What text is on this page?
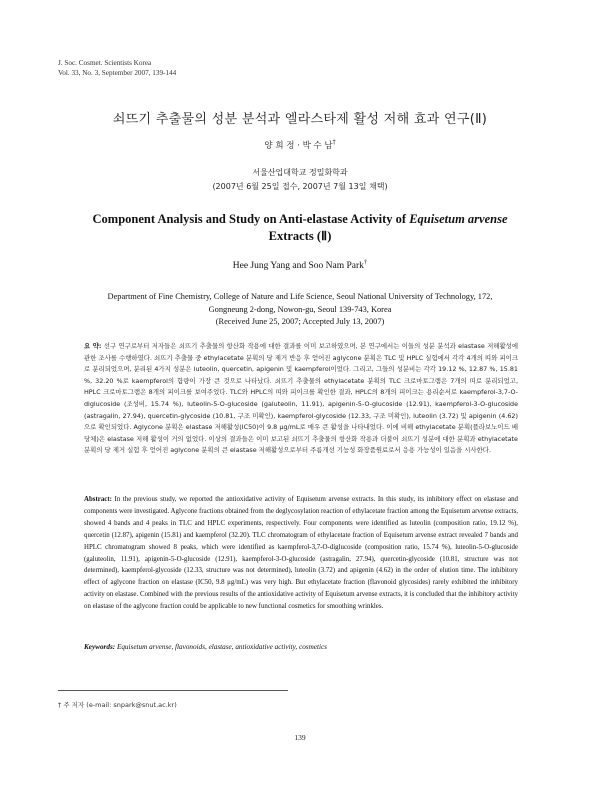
J. Soc. Cosmet. Scientists Korea
Vol. 33, No. 3, September 2007, 139-144
쇠뜨기 추출물의 성분 분석과 엘라스타제 활성 저해 효과 연구(Ⅱ)
양 희 정 · 박 수 남†
서울산업대학교 정밀화학과
(2007년 6월 25일 접수, 2007년 7월 13일 채택)
Component Analysis and Study on Anti-elastase Activity of Equisetum arvense
Extracts (Ⅱ)
Hee Jung Yang and Soo Nam Park†
Department of Fine Chemistry, College of Nature and Life Science, Seoul National University of Technology, 172,
Gongneung 2-dong, Nowon-gu, Seoul 139-743, Korea
(Received June 25, 2007; Accepted July 13, 2007)
요 약: 선구 연구로부터 저자들은 쇠뜨기 추출물의 항산화 작용에 대한 결과를 이미 보고하였으며, 본 연구에서는 이들의 성분 분석과 elastase 저해활성에 관한 조사를 수행하였다. 쇠뜨기 추출물 중 ethylacetate 분획의 당 제거 반응 후 얻어진 aglycone 분획은 TLC 및 HPLC 실험에서 각각 4개의 띠와 피이크로 분리되었으며, 분리된 4가지 성분은 luteolin, quercetin, apigenin 및 kaempferol이었다. 그리고, 그들의 성분비는 각각 19.12 %, 12.87 %, 15.81 %, 32.20 %로 kaempferol의 함량이 가장 큰 것으로 나타났다. 쇠뜨기 추출물의 ethylacetate 분획의 TLC 크로마토그램은 7개의 띠로 분리되었고, HPLC 크로마토그램은 8개의 피이크를 보여주었다. TLC와 HPLC의 띠와 피이크를 확인한 결과, HPLC의 8개의 피이크는 용리순서로 kaempferol-3,7-O-diglucoside (조성비, 15.74 %), luteolin-5-O-glucoside (galuteolin, 11.91), apigenin-5-O-glucoside (12.91), kaempferol-3-O-glucoside (astragalin, 27.94), quercetin-glycoside (10.81, 구조 미확인), kaempferol-glycoside (12.33, 구조 미확인), luteolin (3.72) 및 apigenin (4.62)으로 확인되었다. Aglycone 분획은 elastase 저해활성(IC50)이 9.8 μg/mL로 매우 큰 활성을 나타내었다. 이에 비해 ethylacetate 분획(플라보노이드 배당체)은 elastase 저해 활성이 거의 없었다. 이상의 결과들은 이미 보고된 쇠뜨기 추출물의 항산화 작용과 더불어 쇠뜨기 성분에 대한 분획과 ethylacetate 분획의 당 제거 실험 후 얻어진 aglycone 분획의 큰 elastase 저해활성으로부터 주름개선 기능성 화장품원료로서 응용 가능성이 있음을 시사한다.
Abstract: In the previous study, we reported the antioxidative activity of Equisetum arvense extracts. In this study, its inhibitory effect on elastase and components were investigated. Aglycone fractions obtained from the deglycosylation reaction of ethylacetate fraction among the Equisetum arvense extracts, showed 4 bands and 4 peaks in TLC and HPLC experiments, respectively. Four components were identified as luteolin (composition ratio, 19.12 %), quercetin (12.87), apigenin (15.81) and kaempferol (32.20). TLC chromatogram of ethylacetate fraction of Equisetum arvense extract revealed 7 bands and HPLC chromatogram showed 8 peaks, which were identified as kaempferol-3,7-O-diglucoside (composition ratio, 15.74 %), luteolin-5-O-glucoside (galuteolin, 11.91), apigenin-5-O-glucoside (12.91), kaempferol-3-O-glucoside (astragalin, 27.94), quercetin-glycoside (10.81, structure was not determined), kaempferol-glycoside (12.33, structure was not determined), luteolin (3.72) and apigenin (4.62) in the order of elution time. The inhibitory effect of aglycone fraction on elastase (IC50, 9.8 μg/mL) was very high. But ethylacetate fraction (flavonoid glycosides) rarely exhibited the inhibitory activity on elastase. Combined with the previous results of the antioxidative activity of Equisetum arvense extracts, it is concluded that the inhibitory activity on elastase of the aglycone fraction could be applicable to new functional cosmetics for smoothing wrinkles.
Keywords: Equisetum arvense, flavonoids, elastase, antioxidative activity, cosmetics
† 주 저자 (e-mail: snpark@snut.ac.kr)
139
